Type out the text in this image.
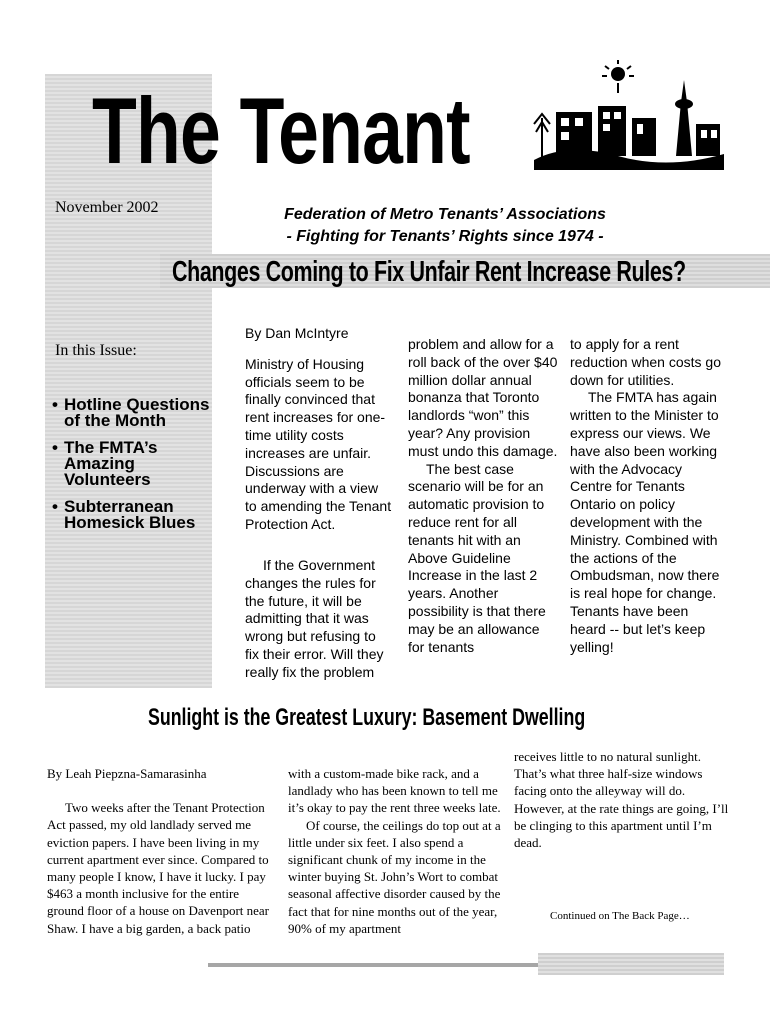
The Tenant
November 2002	Federation of Metro Tenants’ Associations
- Fighting for Tenants’ Rights since 1974 -
Changes Coming to Fix Unfair Rent Increase Rules?
In this Issue:
• Hotline Questions of the Month
• The FMTA’s Amazing Volunteers
• Subterranean Homesick Blues

By Dan McIntyre

Ministry of Housing officials seem to be finally convinced that rent increases for one-time utility costs increases are unfair. Discussions are underway with a view to amending the Tenant Protection Act.

If the Government changes the rules for the future, it will be admitting that it was wrong but refusing to fix their error. Will they really fix the problem

problem and allow for a roll back of the over $40 million dollar annual bonanza that Toronto landlords “won” this year? Any provision must undo this damage.

The best case scenario will be for an automatic provision to reduce rent for all tenants hit with an Above Guideline Increase in the last 2 years. Another possibility is that there may be an allowance for tenants

to apply for a rent reduction when costs go down for utilities.

The FMTA has again written to the Minister to express our views. We have also been working with the Advocacy Centre for Tenants Ontario on policy development with the Ministry. Combined with the actions of the Ombudsman, now there is real hope for change. Tenants have been heard -- but let’s keep yelling!

Sunlight is the Greatest Luxury: Basement Dwelling

By Leah Piepzna-Samarasinha

Two weeks after the Tenant Protection Act passed, my old landlady served me eviction papers. I have been living in my current apartment ever since. Compared to many people I know, I have it lucky. I pay $463 a month inclusive for the entire ground floor of a house on Davenport near Shaw. I have a big garden, a back patio

with a custom-made bike rack, and a landlady who has been known to tell me it’s okay to pay the rent three weeks late.

Of course, the ceilings do top out at a little under six feet. I also spend a significant chunk of my income in the winter buying St. John’s Wort to combat seasonal affective disorder caused by the fact that for nine months out of the year, 90% of my apartment

receives little to no natural sunlight. That’s what three half-size windows facing onto the alleyway will do. However, at the rate things are going, I’ll be clinging to this apartment until I’m dead.

Continued on The Back Page…
